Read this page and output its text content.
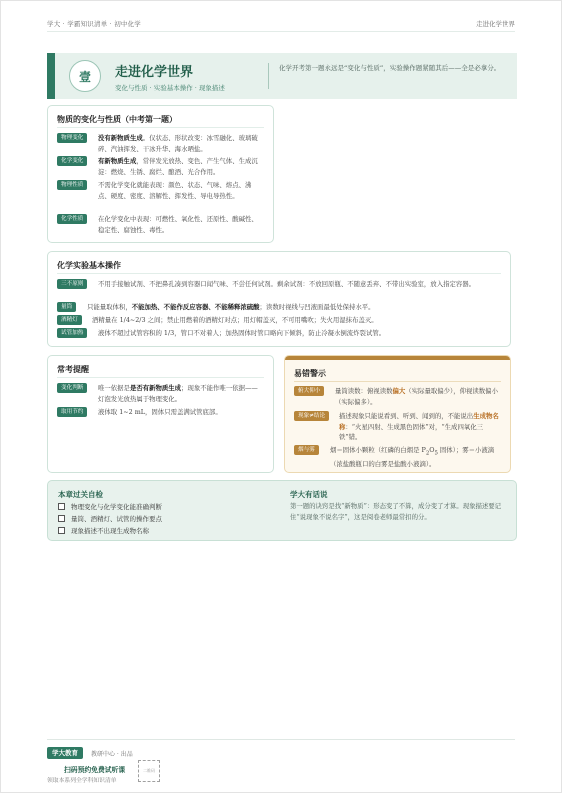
学大 · 学霸知识清单 · 初中化学	走进化学世界
壹	走进化学世界
变化与性质 · 实验基本操作 · 现象描述
化学开考第一题永远是“变化与性质”，实验操作题紧随其后——全是必拿分。
物质的变化与性质（中考第一题）
物理变化	没有新物质生成。仅状态、形状改变：冰雪融化、玻璃破碎、汽油挥发、干冰升华、海水晒盐。
化学变化	有新物质生成，常伴发光放热、变色、产生气体、生成沉淀：燃烧、生锈、腐烂、酿酒、光合作用。
物理性质	不需化学变化就能表现：颜色、状态、气味、熔点、沸点、硬度、密度、溶解性、挥发性、导电导热性。
化学性质	在化学变化中表现：可燃性、氧化性、还原性、酸碱性、稳定性、腐蚀性、毒性。
化学实验基本操作
三不原则	不用手接触试剂、不把鼻孔凑到容器口闻气味、不尝任何试剂。剩余试剂：不放回原瓶、不随意丢弃、不带出实验室，放入指定容器。
量筒	只能量取体积，不能加热、不能作反应容器、不能稀释浓硫酸；读数时视线与凹液面最低处保持水平。
酒精灯	酒精量在 1/4~2/3 之间；禁止用燃着的酒精灯对点；用灯帽盖灭，不可用嘴吹；失火用湿抹布盖灭。
试管加热	液体不超过试管容积的 1/3，管口不对着人；加热固体时管口略向下倾斜，防止冷凝水倒流炸裂试管。
常考提醒
变化判断	唯一依据是是否有新物质生成；现象不能作唯一依据——灯泡发光放热属于物理变化。
取用节约	液体取 1~2 mL，固体只需盖满试管底部。
易错警示
俯大仰小	量筒读数：俯视读数偏大（实际量取偏少），仰视读数偏小（实际偏多）。
现象≠结论	描述现象只能说看到、听到、闻到的，不能说出生成物名称：“火星四射、生成黑色固体”对，“生成四氧化三铁”错。
烟与雾	烟＝固体小颗粒（红磷的白烟是 $P_2O_5$ 固体）；雾＝小液滴（浓盐酸瓶口的白雾是盐酸小液滴）。
本章过关自检
物理变化与化学变化能准确判断
量筒、酒精灯、试管的操作要点
现象描述不出现生成物名称
学大有话说
第一题的诀窍是找“新物质”：形态变了不算，成分变了才算。现象描述要记住“说现象不说名字”，这是阅卷老师最常扣的分。
学大教育	教研中心 · 出品
扫码预约免费试听课
领取本系列全学科知识清单
二维码
